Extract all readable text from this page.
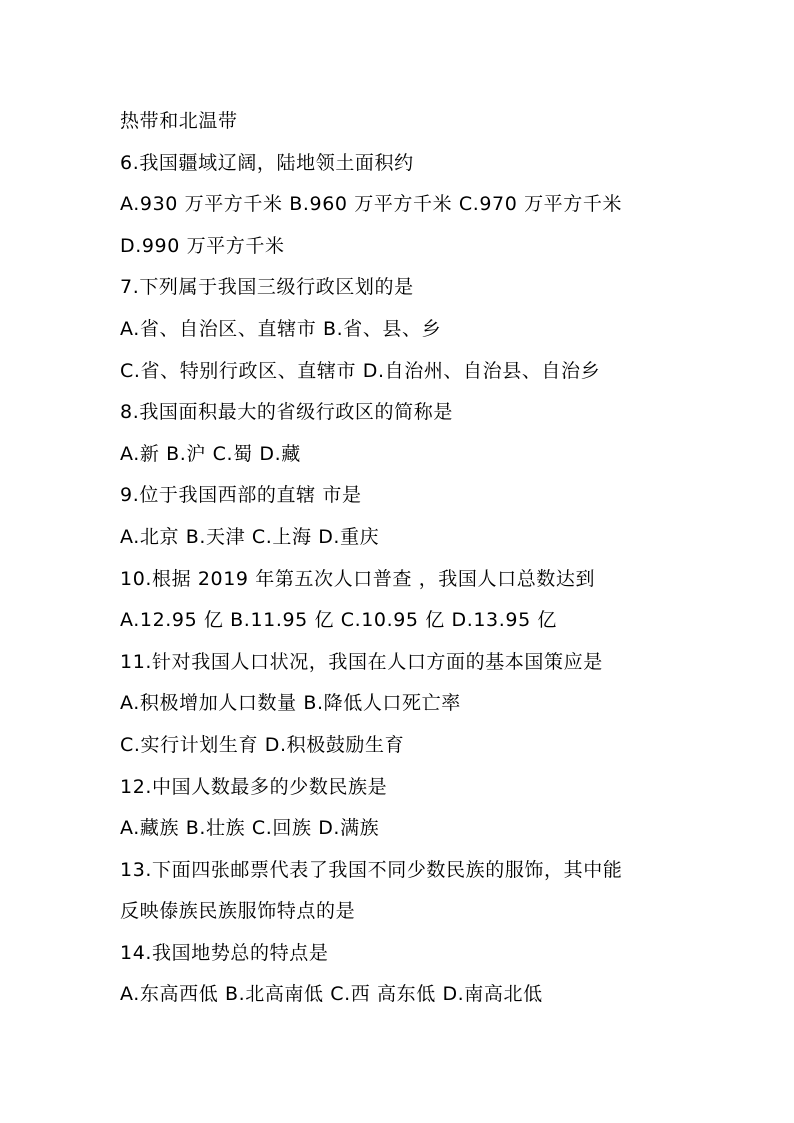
热带和北温带
6.我国疆域辽阔，陆地领土面积约
A.930 万平方千米 B.960 万平方千米 C.970 万平方千米
D.990 万平方千米
7.下列属于我国三级行政区划的是
A.省、自治区、直辖市 B.省、县、乡
C.省、特别行政区、直辖市 D.自治州、自治县、自治乡
8.我国面积最大的省级行政区的简称是
A.新 B.沪 C.蜀 D.藏
9.位于我国西部的直辖 市是
A.北京 B.天津 C.上海 D.重庆
10.根据 2019 年第五次人口普查 ，我国人口总数达到
A.12.95 亿 B.11.95 亿 C.10.95 亿 D.13.95 亿
11.针对我国人口状况，我国在人口方面的基本国策应是
A.积极增加人口数量 B.降低人口死亡率
C.实行计划生育 D.积极鼓励生育
12.中国人数最多的少数民族是
A.藏族 B.壮族 C.回族 D.满族
13.下面四张邮票代表了我国不同少数民族的服饰，其中能
反映傣族民族服饰特点的是
14.我国地势总的特点是
A.东高西低 B.北高南低 C.西 高东低 D.南高北低
